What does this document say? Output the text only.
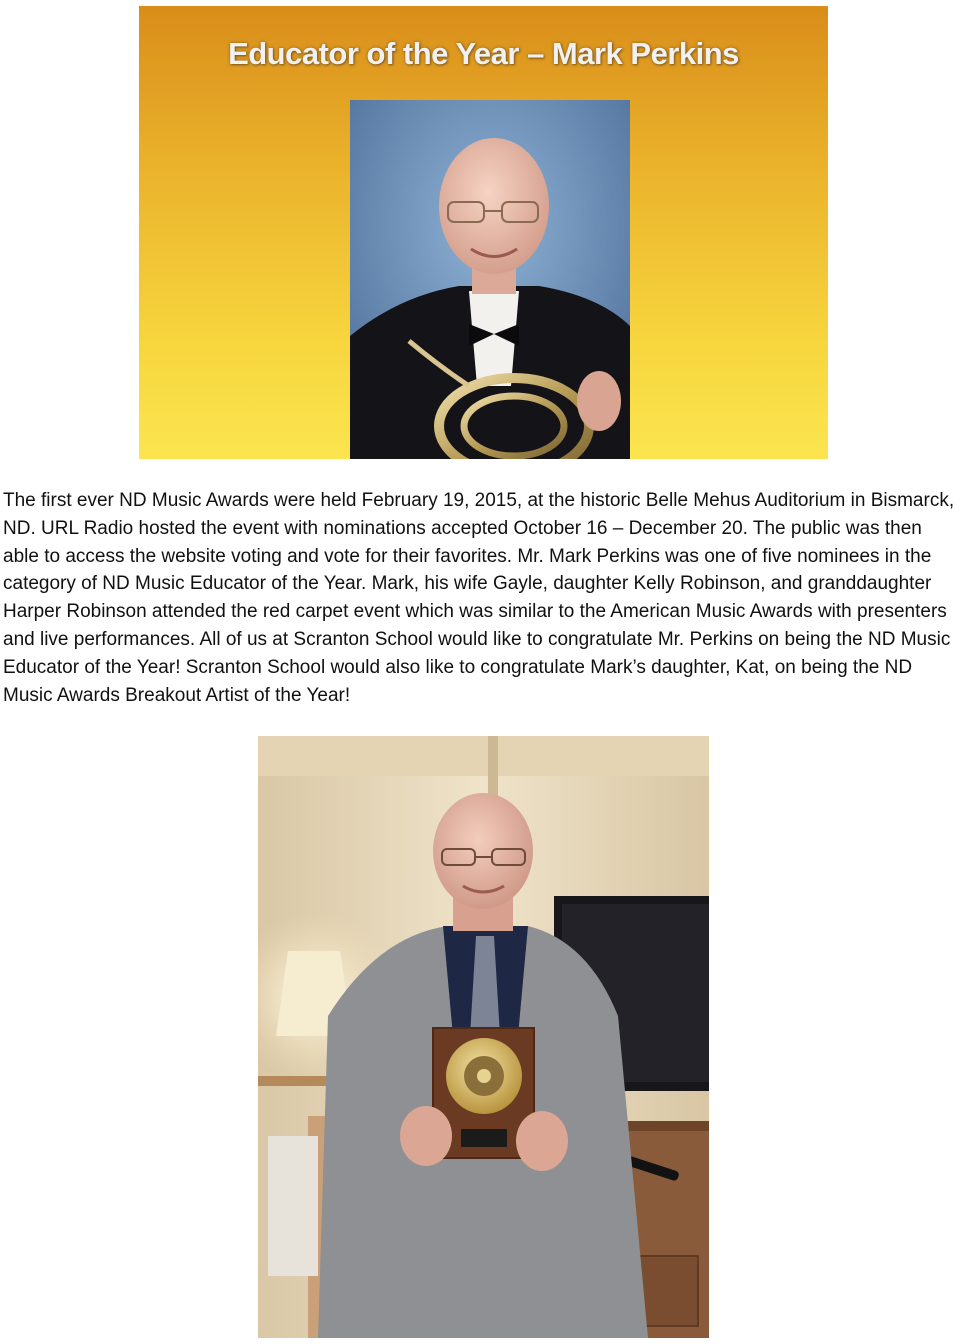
Educator of the Year – Mark Perkins

The first ever ND Music Awards were held February 19, 2015, at the historic Belle Mehus Auditorium in Bismarck, ND. URL Radio hosted the event with nominations accepted October 16 – December 20. The public was then able to access the website voting and vote for their favorites. Mr. Mark Perkins was one of five nominees in the category of ND Music Educator of the Year. Mark, his wife Gayle, daughter Kelly Robinson, and granddaughter Harper Robinson attended the red carpet event which was similar to the American Music Awards with presenters and live performances. All of us at Scranton School would like to congratulate Mr. Perkins on being the ND Music Educator of the Year! Scranton School would also like to congratulate Mark’s daughter, Kat, on being the ND Music Awards Breakout Artist of the Year!
